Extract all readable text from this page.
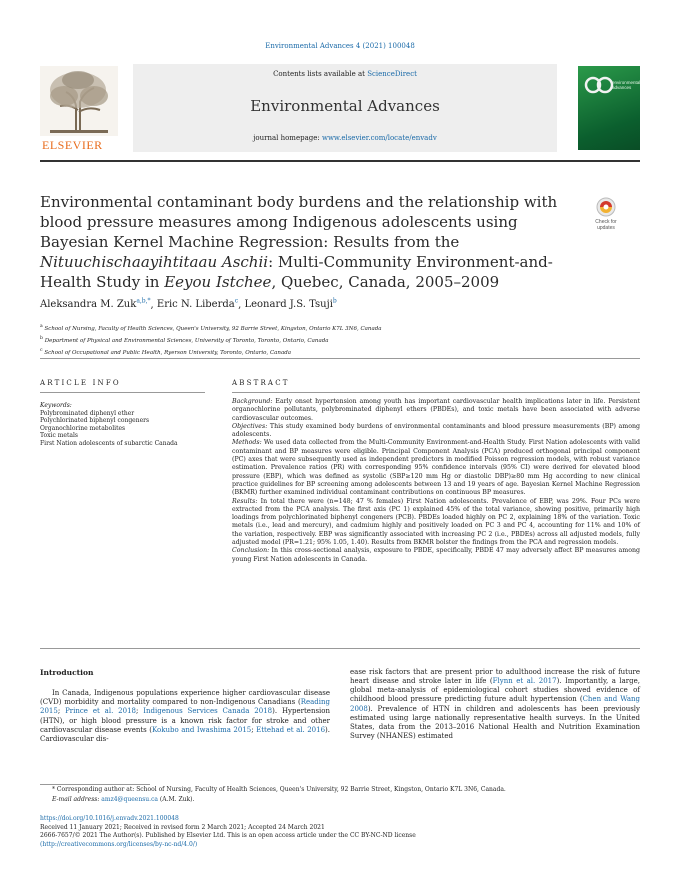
Environmental Advances 4 (2021) 100048
ELSEVIER
Contents lists available at ScienceDirect
Environmental Advances
journal homepage: www.elsevier.com/locate/envadv
environmental
advances
Environmental contaminant body burdens and the relationship with blood pressure measures among Indigenous adolescents using Bayesian Kernel Machine Regression: Results from the Nituuchischaayihtitaau Aschii: Multi-Community Environment-and-Health Study in Eeyou Istchee, Quebec, Canada, 2005–2009
Check for
updates
Aleksandra M. Zuk$^{a,b,*}$, Eric N. Liberda$^c$, Leonard J.S. Tsuji$^b$
$^a$ School of Nursing, Faculty of Health Sciences, Queen's University, 92 Barrie Street, Kingston, Ontario K7L 3N6, Canada
$^b$ Department of Physical and Environmental Sciences, University of Toronto, Toronto, Ontario, Canada
$^c$ School of Occupational and Public Health, Ryerson University, Toronto, Ontario, Canada
ARTICLE INFO
Keywords:
Polybrominated diphenyl ether
Polychlorinated biphenyl congeners
Organochlorine metabolites
Toxic metals
First Nation adolescents of subarctic Canada
ABSTRACT

Background: Early onset hypertension among youth has important cardiovascular health implications later in life. Persistent organochlorine pollutants, polybrominated diphenyl ethers (PBDEs), and toxic metals have been associated with adverse cardiovascular outcomes.

Objectives: This study examined body burdens of environmental contaminants and blood pressure measurements (BP) among adolescents.

Methods: We used data collected from the Multi-Community Environment-and-Health Study. First Nation adolescents with valid contaminant and BP measures were eligible. Principal Component Analysis (PCA) produced orthogonal principal component (PC) axes that were subsequently used as independent predictors in modified Poisson regression models, with robust variance estimation. Prevalence ratios (PR) with corresponding 95% confidence intervals (95% CI) were derived for elevated blood pressure (EBP), which was defined as systolic (SBP≥120 mm Hg or diastolic DBP)≥80 mm Hg according to new clinical practice guidelines for BP screening among adolescents between 13 and 19 years of age. Bayesian Kernel Machine Regression (BKMR) further examined individual contaminant contributions on continuous BP measures.

Results: In total there were (n=148; 47 % females) First Nation adolescents. Prevalence of EBP, was 29%. Four PCs were extracted from the PCA analysis. The first axis (PC 1) explained 45% of the total variance, showing positive, primarily high loadings from polychlorinated biphenyl congeners (PCB). PBDEs loaded highly on PC 2, explaining 18% of the variation. Toxic metals (i.e., lead and mercury), and cadmium highly and positively loaded on PC 3 and PC 4, accounting for 11% and 10% of the variation, respectively. EBP was significantly associated with increasing PC 2 (i.e., PBDEs) across all adjusted models, fully adjusted model (PR=1.21; 95% 1.05, 1.40). Results from BKMR bolster the findings from the PCA and regression models.

Conclusion: In this cross-sectional analysis, exposure to PBDE, specifically, PBDE 47 may adversely affect BP measures among young First Nation adolescents in Canada.

Introduction

In Canada, Indigenous populations experience higher cardiovascular disease (CVD) morbidity and mortality compared to non-Indigenous Canadians (Reading 2015; Prince et al. 2018; Indigenous Services Canada 2018). Hypertension (HTN), or high blood pressure is a known risk factor for stroke and other cardiovascular disease events (Kokubo and Iwashima 2015; Ettehad et al. 2016). Cardiovascular dis-

ease risk factors that are present prior to adulthood increase the risk of future heart disease and stroke later in life (Flynn et al. 2017). Importantly, a large, global meta-analysis of epidemiological cohort studies showed evidence of childhood blood pressure predicting future adult hypertension (Chen and Wang 2008). Prevalence of HTN in children and adolescents has been previously estimated using large nationally representative health surveys. In the United States, data from the 2013–2016 National Health and Nutrition Examination Survey (NHANES) estimated

* Corresponding author at: School of Nursing, Faculty of Health Sciences, Queen's University, 92 Barrie Street, Kingston, Ontario K7L 3N6, Canada.
E-mail address: amz4@queensu.ca (A.M. Zuk).
https://doi.org/10.1016/j.envadv.2021.100048
Received 11 January 2021; Received in revised form 2 March 2021; Accepted 24 March 2021
2666-7657/© 2021 The Author(s). Published by Elsevier Ltd. This is an open access article under the CC BY-NC-ND license
(http://creativecommons.org/licenses/by-nc-nd/4.0/)
